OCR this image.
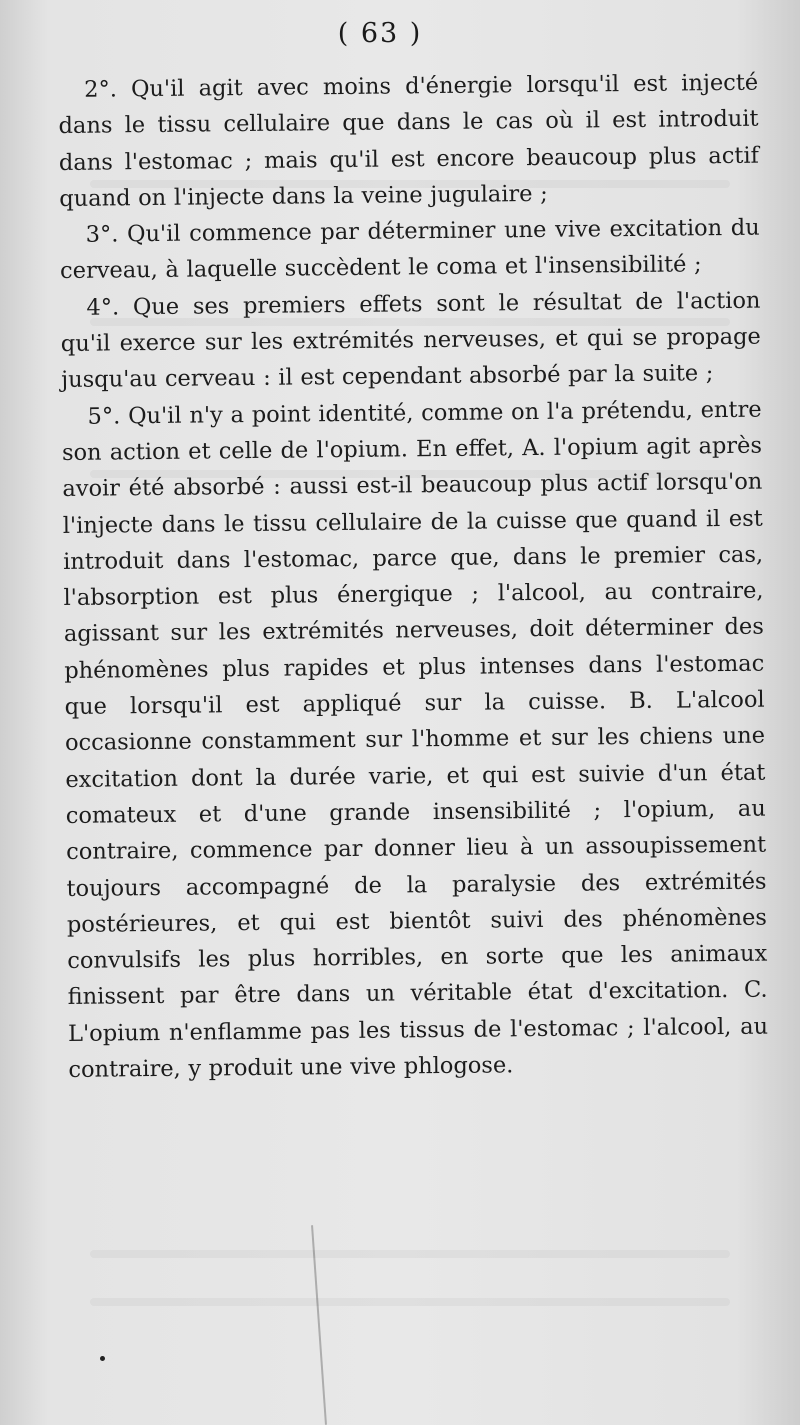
( 63 )

2°. Qu'il agit avec moins d'énergie lorsqu'il est injecté dans le tissu cellulaire que dans le cas où il est introduit dans l'estomac ; mais qu'il est encore beaucoup plus actif quand on l'injecte dans la veine jugulaire ;

3°. Qu'il commence par déterminer une vive excitation du cerveau, à laquelle succèdent le coma et l'insensibilité ;

4°. Que ses premiers effets sont le résultat de l'action qu'il exerce sur les extrémités nerveuses, et qui se propage jusqu'au cerveau : il est cependant absorbé par la suite ;

5°. Qu'il n'y a point identité, comme on l'a prétendu, entre son action et celle de l'opium. En effet, A. l'opium agit après avoir été absorbé : aussi est-il beaucoup plus actif lorsqu'on l'injecte dans le tissu cellulaire de la cuisse que quand il est introduit dans l'estomac, parce que, dans le premier cas, l'absorption est plus énergique ; l'alcool, au contraire, agissant sur les extrémités nerveuses, doit déterminer des phénomènes plus rapides et plus intenses dans l'estomac que lorsqu'il est appliqué sur la cuisse. B. L'alcool occasionne constamment sur l'homme et sur les chiens une excitation dont la durée varie, et qui est suivie d'un état comateux et d'une grande insensibilité ; l'opium, au contraire, commence par donner lieu à un assoupissement toujours accompagné de la paralysie des extrémités postérieures, et qui est bientôt suivi des phénomènes convulsifs les plus horribles, en sorte que les animaux finissent par être dans un véritable état d'excitation. C. L'opium n'enflamme pas les tissus de l'estomac ; l'alcool, au contraire, y produit une vive phlogose.
